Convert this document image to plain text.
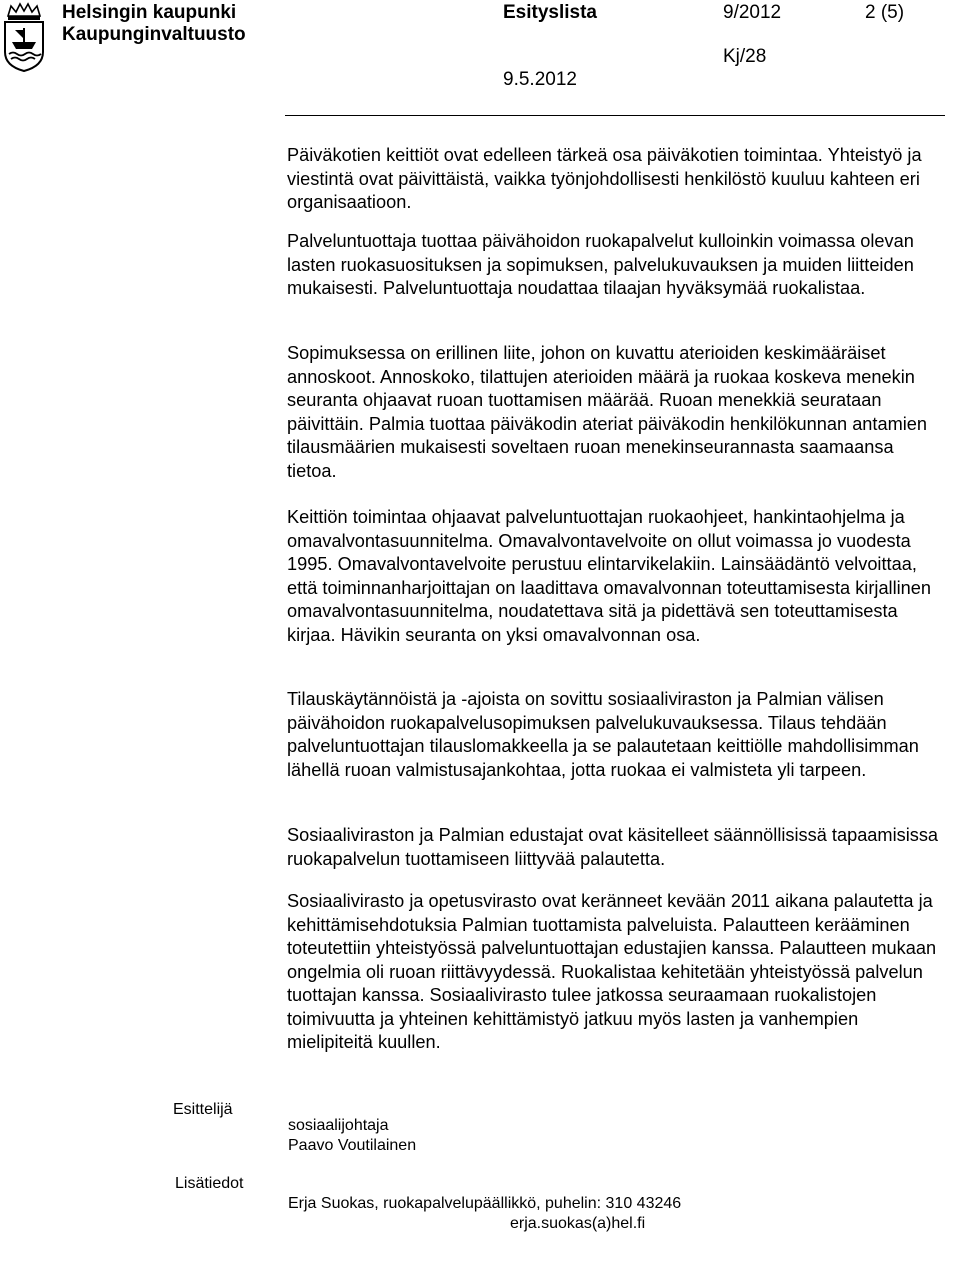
Helsingin kaupunki
Kaupunginvaltuusto
Esityslista	9/2012	2 (5)
Kj/28
9.5.2012

Päiväkotien keittiöt ovat edelleen tärkeä osa päiväkotien toimintaa. Yhteistyö ja viestintä ovat päivittäistä, vaikka työnjohdollisesti henkilöstö kuuluu kahteen eri organisaatioon.

Palveluntuottaja tuottaa päivähoidon ruokapalvelut kulloinkin voimassa olevan lasten ruokasuosituksen ja sopimuksen, palvelukuvauksen ja muiden liitteiden mukaisesti. Palveluntuottaja noudattaa tilaajan hyväksymää ruokalistaa.

Sopimuksessa on erillinen liite, johon on kuvattu aterioiden keskimääräiset annoskoot. Annoskoko, tilattujen aterioiden määrä ja ruokaa koskeva menekin seuranta ohjaavat ruoan tuottamisen määrää. Ruoan menekkiä seurataan päivittäin. Palmia tuottaa päiväkodin ateriat päiväkodin henkilökunnan antamien tilausmäärien mukaisesti soveltaen ruoan menekinseurannasta saamaansa tietoa.

Keittiön toimintaa ohjaavat palveluntuottajan ruokaohjeet, hankintaohjelma ja omavalvontasuunnitelma. Omavalvontavelvoite on ollut voimassa jo vuodesta 1995. Omavalvontavelvoite perustuu elintarvikelakiin. Lainsäädäntö velvoittaa, että toiminnanharjoittajan on laadittava omavalvonnan toteuttamisesta kirjallinen omavalvontasuunnitelma, noudatettava sitä ja pidettävä sen toteuttamisesta kirjaa. Hävikin seuranta on yksi omavalvonnan osa.

Tilauskäytännöistä ja -ajoista on sovittu sosiaaliviraston ja Palmian välisen päivähoidon ruokapalvelusopimuksen palvelukuvauksessa. Tilaus tehdään palveluntuottajan tilauslomakkeella ja se palautetaan keittiölle mahdollisimman lähellä ruoan valmistusajankohtaa, jotta ruokaa ei valmisteta yli tarpeen.

Sosiaaliviraston ja Palmian edustajat ovat käsitelleet säännöllisissä tapaamisissa ruokapalvelun tuottamiseen liittyvää palautetta.

Sosiaalivirasto ja opetusvirasto ovat keränneet kevään 2011 aikana palautetta ja kehittämisehdotuksia Palmian tuottamista palveluista. Palautteen kerääminen toteutettiin yhteistyössä palveluntuottajan edustajien kanssa. Palautteen mukaan ongelmia oli ruoan riittävyydessä. Ruokalistaa kehitetään yhteistyössä palvelun tuottajan kanssa. Sosiaalivirasto tulee jatkossa seuraamaan ruokalistojen toimivuutta ja yhteinen kehittämistyö jatkuu myös lasten ja vanhempien mielipiteitä kuullen.

Esittelijä
sosiaalijohtaja
Paavo Voutilainen
Lisätiedot
Erja Suokas, ruokapalvelupäällikkö, puhelin: 310 43246
erja.suokas(a)hel.fi
